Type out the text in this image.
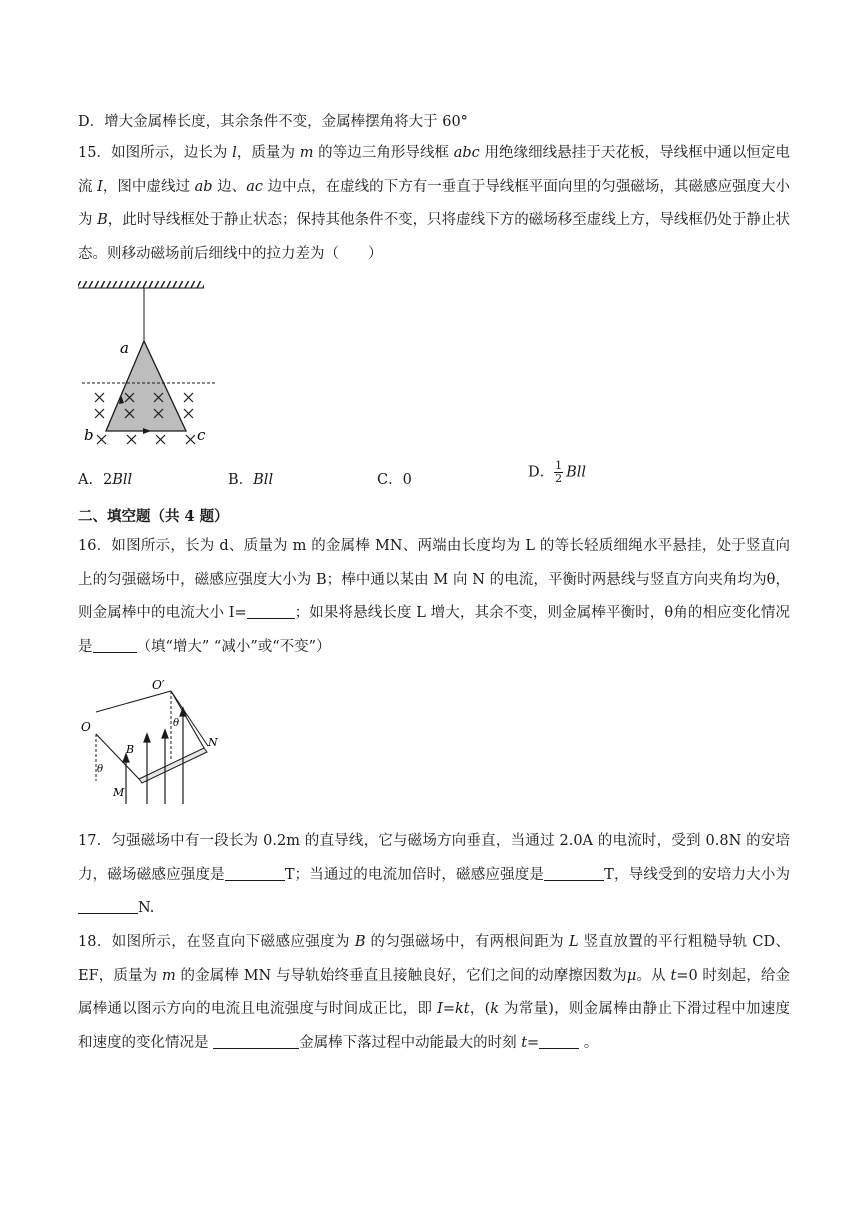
D．增大金属棒长度，其余条件不变，金属棒摆角将大于 60°
15．如图所示，边长为 l，质量为 m 的等边三角形导线框 abc 用绝缘细线悬挂于天花板，导线框中通以恒定电流 I，图中虚线过 ab 边、ac 边中点，在虚线的下方有一垂直于导线框平面向里的匀强磁场，其磁感应强度大小为 B，此时导线框处于静止状态；保持其他条件不变，只将虚线下方的磁场移至虚线上方，导线框仍处于静止状态。则移动磁场前后细线中的拉力差为（　　）
a
b	c
A．2Bll	B．Bll	C．0	D． $\frac{1}{2}$ Bll
二、填空题（共 4 题）
16．如图所示，长为 d、质量为 m 的金属棒 MN、两端由长度均为 L 的等长轻质细绳水平悬挂，处于竖直向上的匀强磁场中，磁感应强度大小为 B；棒中通以某由 M 向 N 的电流，平衡时两悬线与竖直方向夹角均为θ，则金属棒中的电流大小 I=	；如果将悬线长度 L 增大，其余不变，则金属棒平衡时，θ角的相应变化情况是	（填“增大” “减小”或“不变”）
O
O′
θ
θ
B
N
M
17．匀强磁场中有一段长为 0.2m 的直导线，它与磁场方向垂直，当通过 2.0A 的电流时，受到 0.8N 的安培力，磁场磁感应强度是	T；当通过的电流加倍时，磁感应强度是	T，导线受到的安培力大小为N.
18．如图所示，在竖直向下磁感应强度为 B 的匀强磁场中，有两根间距为 L 竖直放置的平行粗糙导轨 CD、EF，质量为 m 的金属棒 MN 与导轨始终垂直且接触良好，它们之间的动摩擦因数为μ。从 t=0 时刻起，给金属棒通以图示方向的电流且电流强度与时间成正比，即 I=kt，(k 为常量)，则金属棒由静止下滑过程中加速度和速度的变化情况是	金属棒下落过程中动能最大的时刻 t=	。
